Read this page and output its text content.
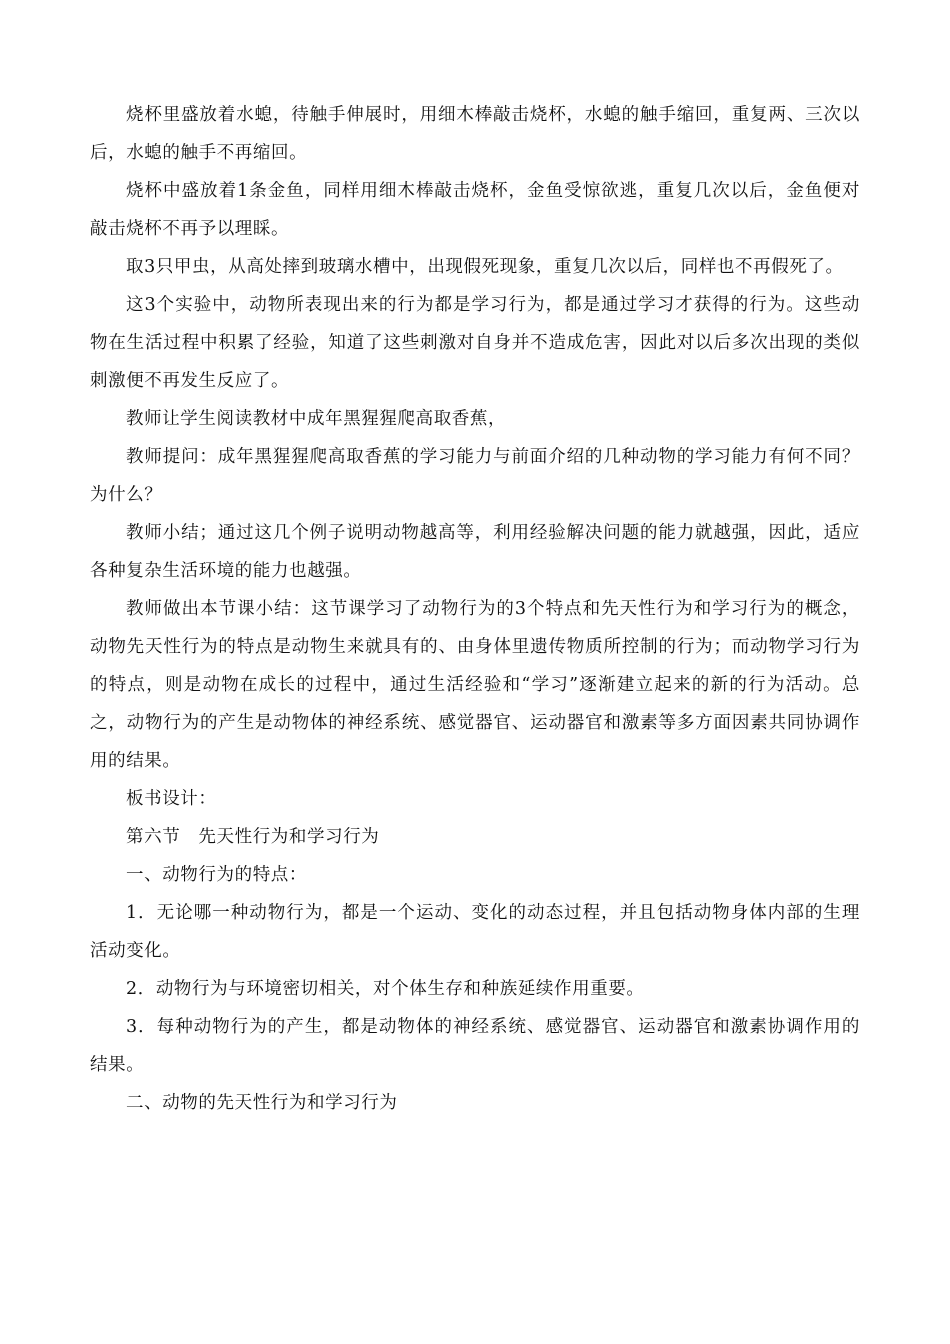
烧杯里盛放着水螅，待触手伸展时，用细木棒敲击烧杯，水螅的触手缩回，重复两、三次以后，水螅的触手不再缩回。

烧杯中盛放着1条金鱼，同样用细木棒敲击烧杯，金鱼受惊欲逃，重复几次以后，金鱼便对敲击烧杯不再予以理睬。

取3只甲虫，从高处摔到玻璃水槽中，出现假死现象，重复几次以后，同样也不再假死了。

这3个实验中，动物所表现出来的行为都是学习行为，都是通过学习才获得的行为。这些动物在生活过程中积累了经验，知道了这些刺激对自身并不造成危害，因此对以后多次出现的类似刺激便不再发生反应了。

教师让学生阅读教材中成年黑猩猩爬高取香蕉，

教师提问：成年黑猩猩爬高取香蕉的学习能力与前面介绍的几种动物的学习能力有何不同？为什么？

教师小结；通过这几个例子说明动物越高等，利用经验解决问题的能力就越强，因此，适应各种复杂生活环境的能力也越强。

教师做出本节课小结：这节课学习了动物行为的3个特点和先天性行为和学习行为的概念，动物先天性行为的特点是动物生来就具有的、由身体里遗传物质所控制的行为；而动物学习行为的特点，则是动物在成长的过程中，通过生活经验和“学习”逐渐建立起来的新的行为活动。总之，动物行为的产生是动物体的神经系统、感觉器官、运动器官和激素等多方面因素共同协调作用的结果。

板书设计：

第六节　先天性行为和学习行为

一、动物行为的特点：

1．无论哪一种动物行为，都是一个运动、变化的动态过程，并且包括动物身体内部的生理活动变化。

2．动物行为与环境密切相关，对个体生存和种族延续作用重要。

3．每种动物行为的产生，都是动物体的神经系统、感觉器官、运动器官和激素协调作用的结果。

二、动物的先天性行为和学习行为
